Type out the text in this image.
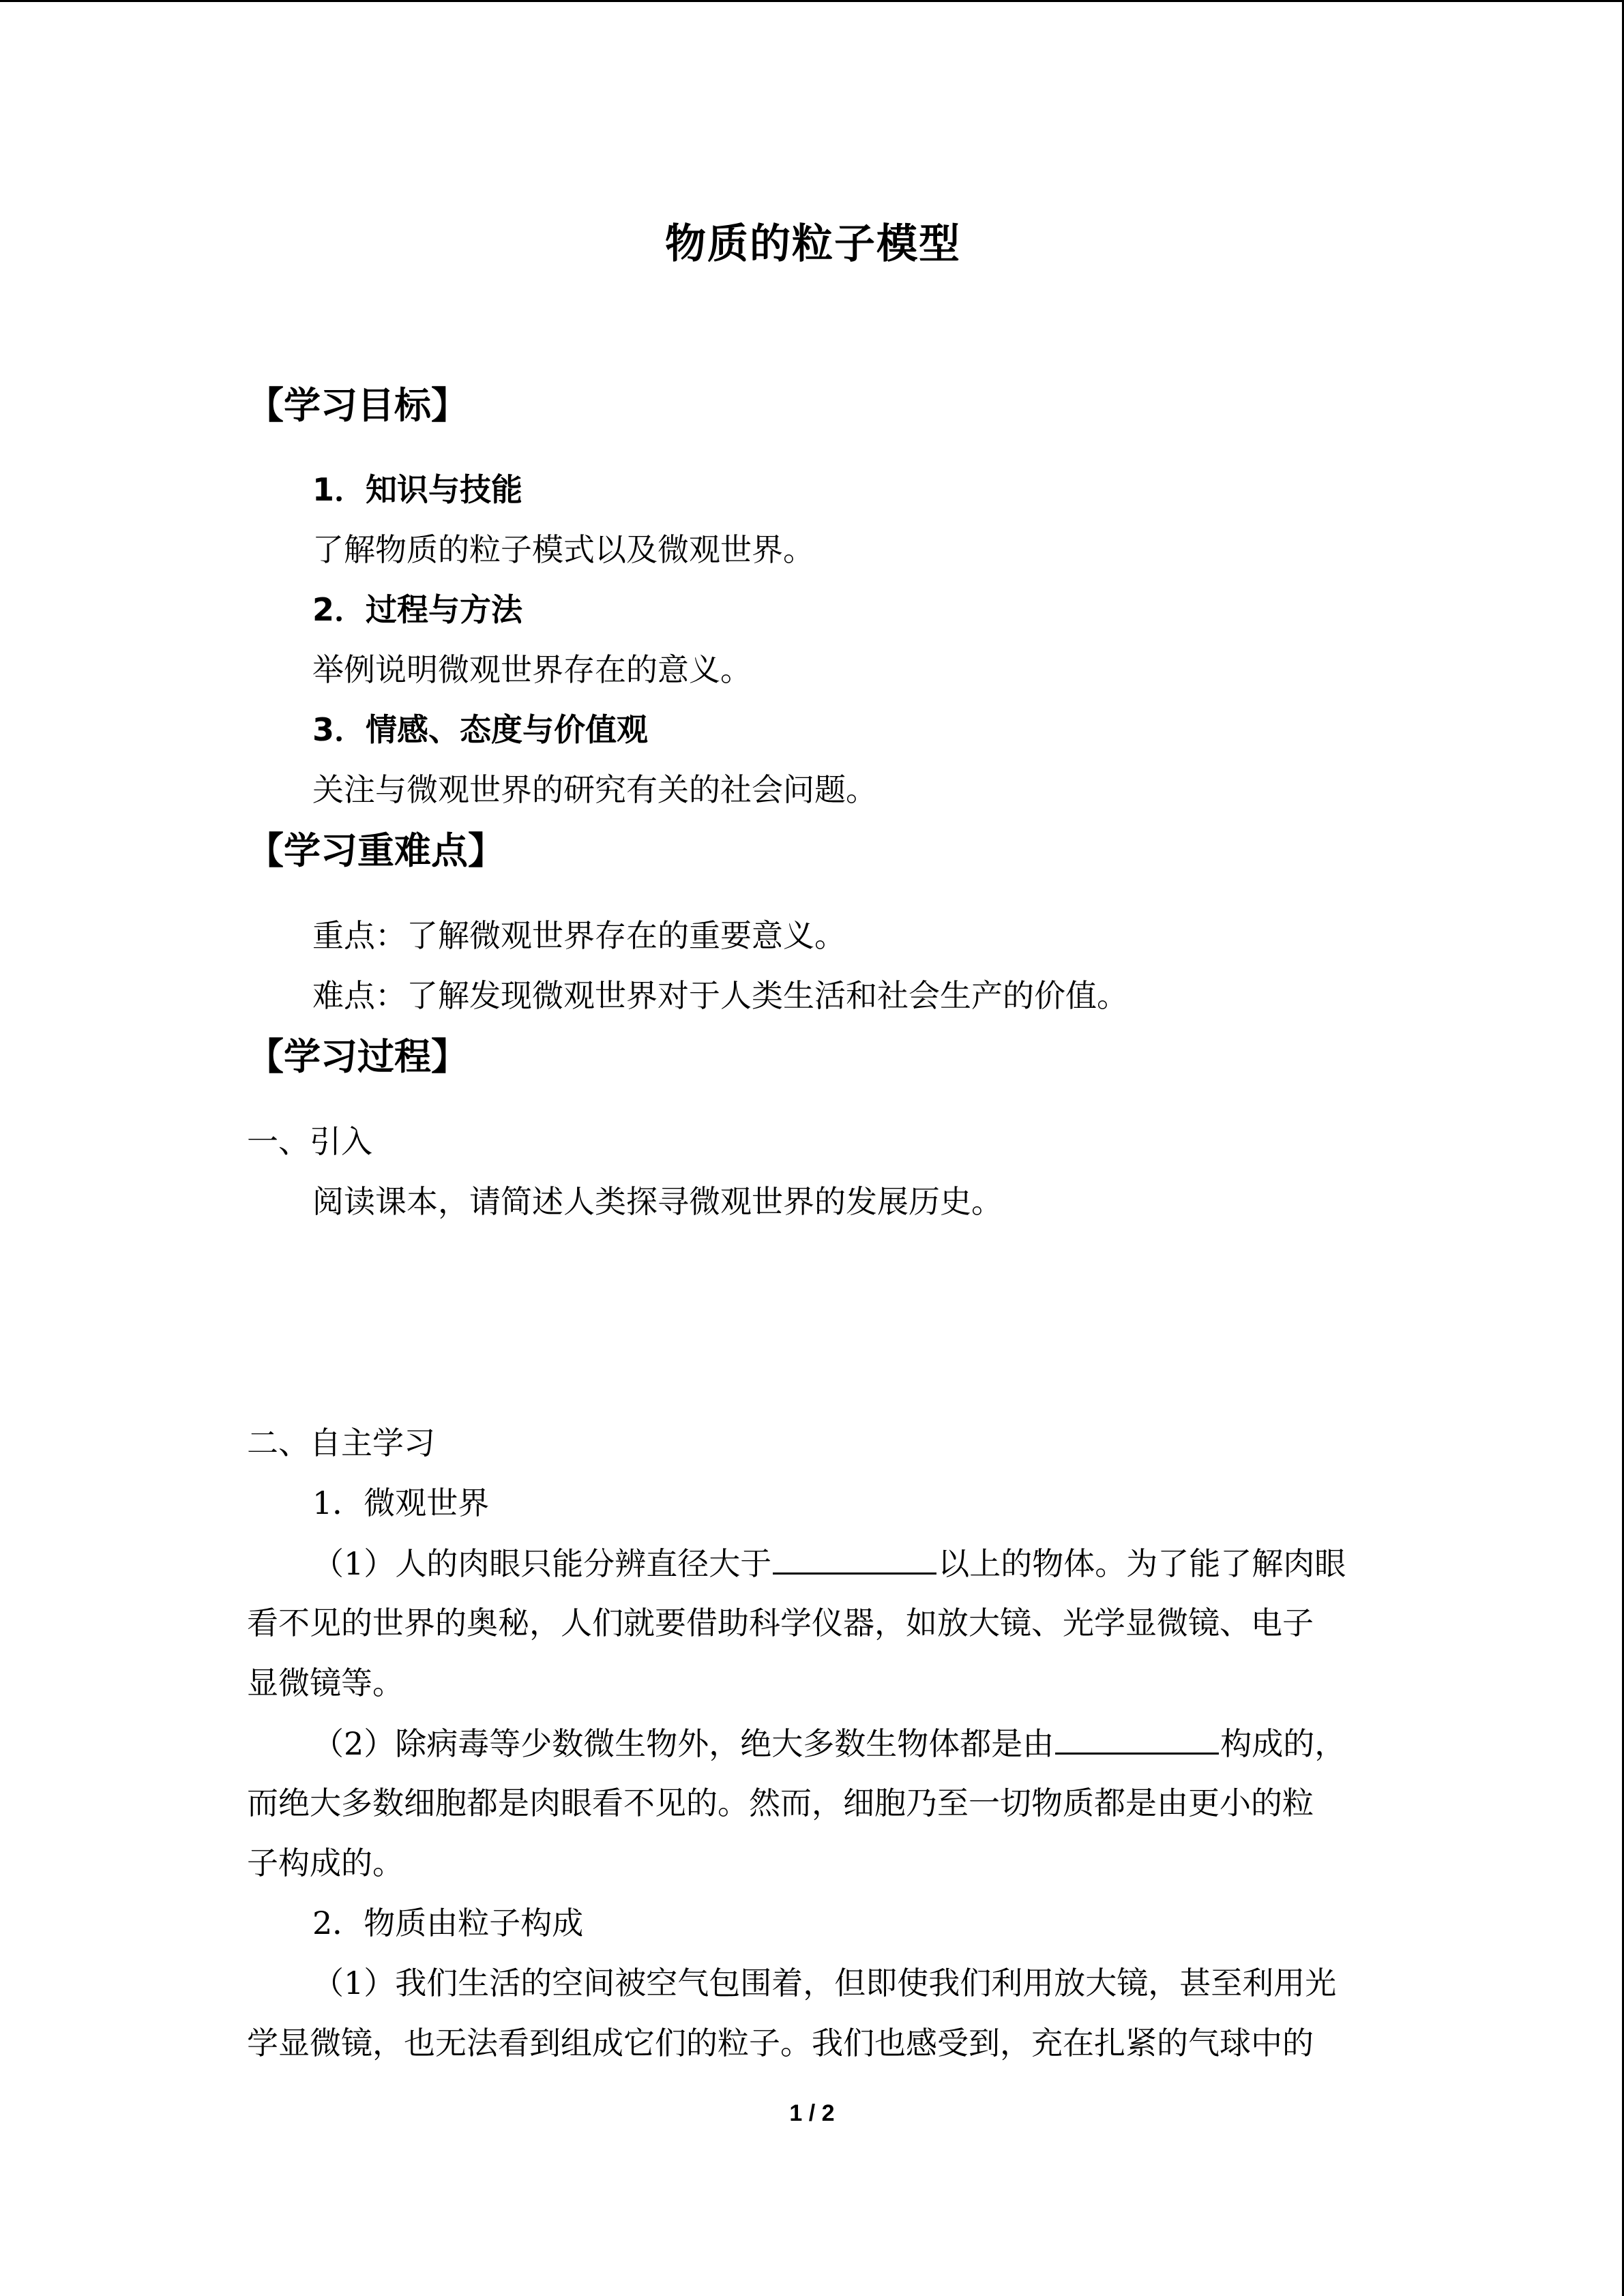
物质的粒子模型
【学习目标】
1．知识与技能
了解物质的粒子模式以及微观世界。
2．过程与方法
举例说明微观世界存在的意义。
3．情感、态度与价值观
关注与微观世界的研究有关的社会问题。
【学习重难点】
重点：了解微观世界存在的重要意义。
难点：了解发现微观世界对于人类生活和社会生产的价值。
【学习过程】
一、引入
阅读课本，请简述人类探寻微观世界的发展历史。
二、自主学习
1．微观世界
（1）人的肉眼只能分辨直径大于	以上的物体。为了能了解肉眼
看不见的世界的奥秘，人们就要借助科学仪器，如放大镜、光学显微镜、电子
显微镜等。
（2）除病毒等少数微生物外，绝大多数生物体都是由	构成的，
而绝大多数细胞都是肉眼看不见的。然而，细胞乃至一切物质都是由更小的粒
子构成的。
2．物质由粒子构成
（1）我们生活的空间被空气包围着，但即使我们利用放大镜，甚至利用光
学显微镜，也无法看到组成它们的粒子。我们也感受到，充在扎紧的气球中的
1 / 2
